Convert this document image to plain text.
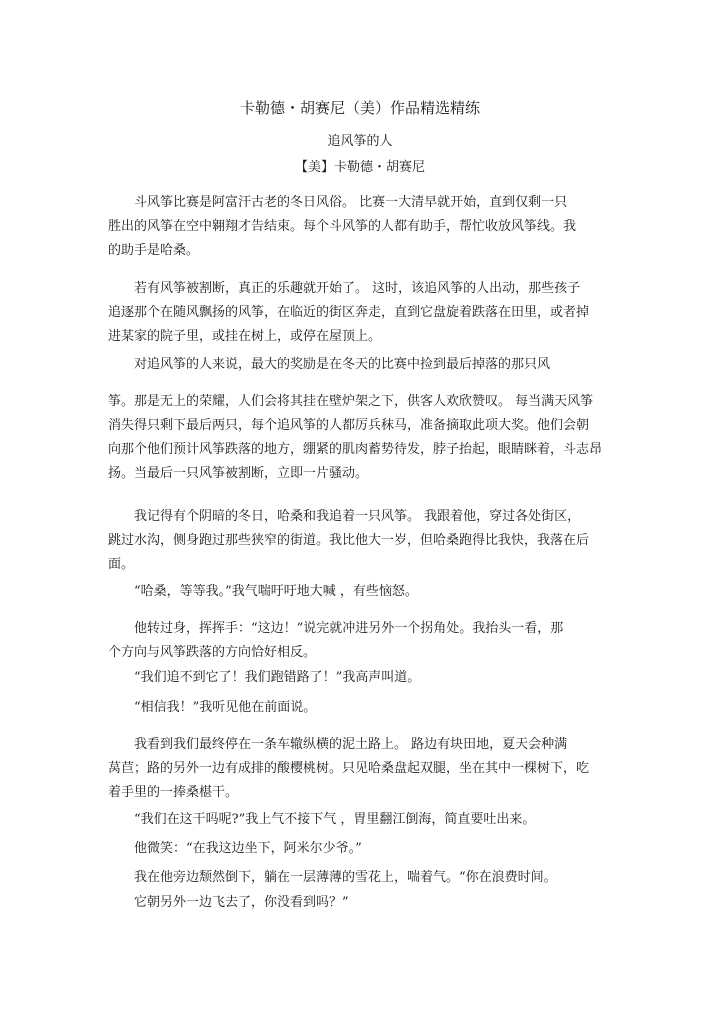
卡勒德・胡赛尼（美）作品精选精练
追风筝的人
【美】卡勒德・胡赛尼

　　斗风筝比赛是阿富汗古老的冬日风俗。 比赛一大清早就开始，直到仅剩一只
胜出的风筝在空中翱翔才告结束。每个斗风筝的人都有助手，帮忙收放风筝线。我
的助手是哈桑。

　　若有风筝被割断，真正的乐趣就开始了。 这时，该追风筝的人出动，那些孩子
追逐那个在随风飘扬的风筝，在临近的街区奔走，直到它盘旋着跌落在田里，或者掉
进某家的院子里，或挂在树上，或停在屋顶上。

　　对追风筝的人来说，最大的奖励是在冬天的比赛中捡到最后掉落的那只风

筝。那是无上的荣耀，人们会将其挂在壁炉架之下，供客人欢欣赞叹。 每当满天风筝
消失得只剩下最后两只，每个追风筝的人都厉兵秣马，准备摘取此项大奖。他们会朝
向那个他们预计风筝跌落的地方，绷紧的肌肉蓄势待发，脖子抬起，眼睛眯着，斗志昂
扬。当最后一只风筝被割断，立即一片骚动。

　　我记得有个阴暗的冬日，哈桑和我追着一只风筝。 我跟着他，穿过各处街区，
跳过水沟，侧身跑过那些狭窄的街道。我比他大一岁，但哈桑跑得比我快，我落在后
面。

　　“哈桑，等等我。”我气喘吁吁地大喊 ，有些恼怒。

　　他转过身，挥挥手：“这边！”说完就冲进另外一个拐角处。我抬头一看，那
个方向与风筝跌落的方向恰好相反。

　　“我们追不到它了！我们跑错路了！”我高声叫道。

　　“相信我！”我听见他在前面说。

　　我看到我们最终停在一条车辙纵横的泥土路上。 路边有块田地，夏天会种满
莴苣；路的另外一边有成排的酸樱桃树。只见哈桑盘起双腿，坐在其中一棵树下，吃
着手里的一捧桑椹干。

　　“我们在这干吗呢?”我上气不接下气 ，胃里翻江倒海，简直要吐出来。

　　他微笑：“在我这边坐下，阿米尔少爷。”

　　我在他旁边颓然倒下，躺在一层薄薄的雪花上，喘着气。“你在浪费时间。

　　它朝另外一边飞去了，你没看到吗？”
